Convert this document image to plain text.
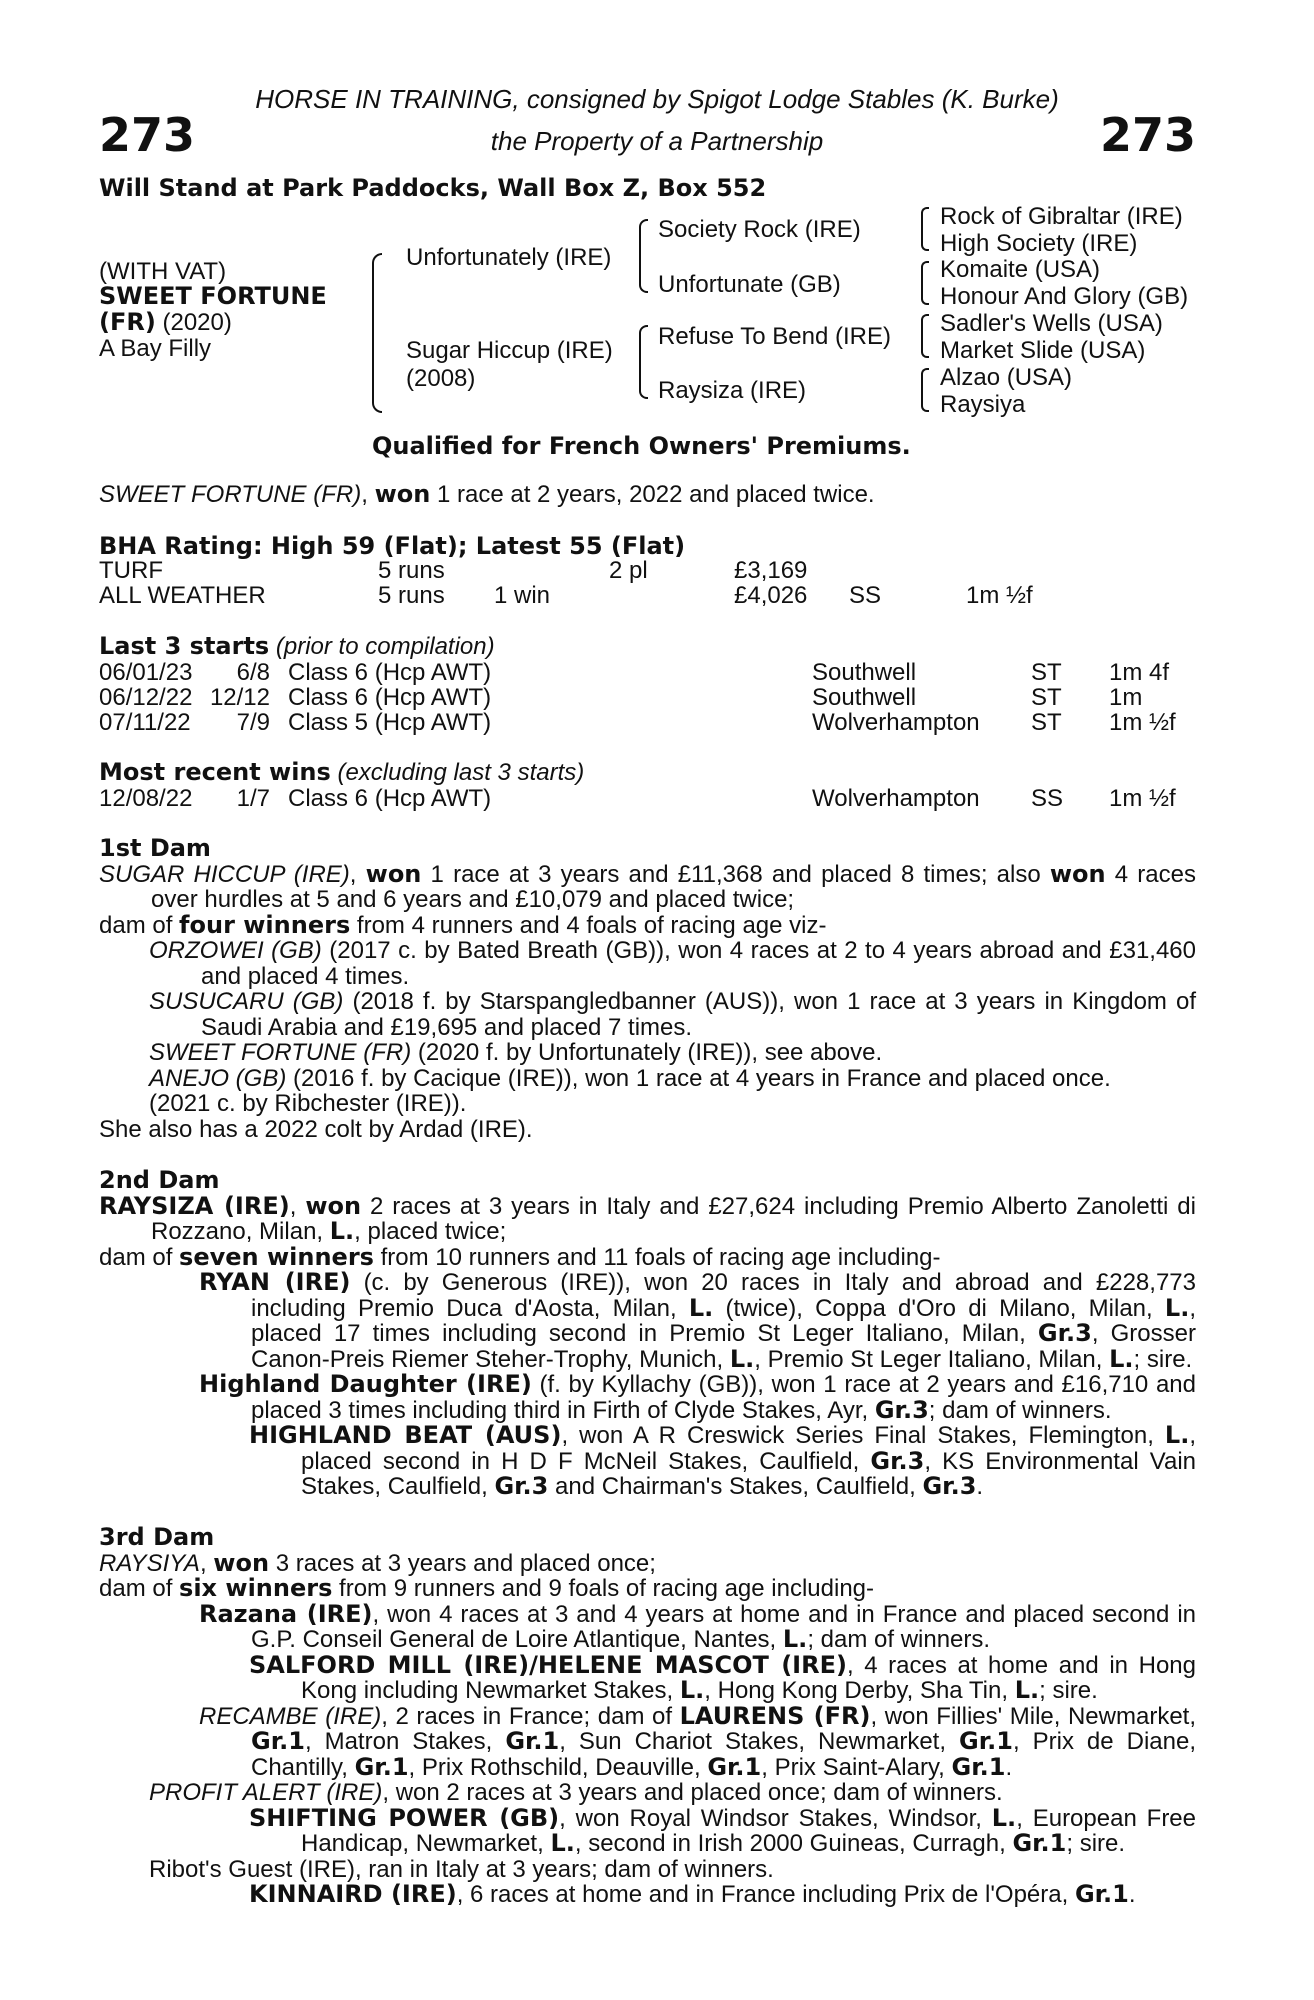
273	273
HORSE IN TRAINING, consigned by Spigot Lodge Stables (K. Burke)
the Property of a Partnership
Will Stand at Park Paddocks, Wall Box Z, Box 552
(WITH VAT)
SWEET FORTUNE
(FR) (2020)
A Bay Filly
Unfortunately (IRE)
Sugar Hiccup (IRE)
(2008)
Society Rock (IRE)
Unfortunate (GB)
Refuse To Bend (IRE)
Raysiza (IRE)
Rock of Gibraltar (IRE)
High Society (IRE)
Komaite (USA)
Honour And Glory (GB)
Sadler's Wells (USA)
Market Slide (USA)
Alzao (USA)
Raysiya
Qualified for French Owners' Premiums.
SWEET FORTUNE (FR), won 1 race at 2 years, 2022 and placed twice.
BHA Rating: High 59 (Flat); Latest 55 (Flat)
TURF	5 runs	2 pl	£3,169
ALL WEATHER	5 runs 1 win	£4,026 SS	1m ½f
Last 3 starts (prior to compilation)
06/01/23 6/8 Class 6 (Hcp AWT)	Southwell	ST 1m 4f
06/12/22 12/12 Class 6 (Hcp AWT)	Southwell	ST 1m
07/11/22 7/9 Class 5 (Hcp AWT)	Wolverhampton ST 1m ½f
Most recent wins (excluding last 3 starts)
12/08/22 1/7 Class 6 (Hcp AWT)	Wolverhampton SS 1m ½f

1st Dam

SUGAR HICCUP (IRE), won 1 race at 3 years and £11,368 and placed 8 times; also won 4 races over hurdles at 5 and 6 years and £10,079 and placed twice;

dam of four winners from 4 runners and 4 foals of racing age viz-

ORZOWEI (GB) (2017 c. by Bated Breath (GB)), won 4 races at 2 to 4 years abroad and £31,460 and placed 4 times.

SUSUCARU (GB) (2018 f. by Starspangledbanner (AUS)), won 1 race at 3 years in Kingdom of Saudi Arabia and £19,695 and placed 7 times.

SWEET FORTUNE (FR) (2020 f. by Unfortunately (IRE)), see above.

ANEJO (GB) (2016 f. by Cacique (IRE)), won 1 race at 4 years in France and placed once.

(2021 c. by Ribchester (IRE)).

She also has a 2022 colt by Ardad (IRE).

2nd Dam

RAYSIZA (IRE), won 2 races at 3 years in Italy and £27,624 including Premio Alberto Zanoletti di Rozzano, Milan, L., placed twice;

dam of seven winners from 10 runners and 11 foals of racing age including-

RYAN (IRE) (c. by Generous (IRE)), won 20 races in Italy and abroad and £228,773 including Premio Duca d'Aosta, Milan, L. (twice), Coppa d'Oro di Milano, Milan, L., placed 17 times including second in Premio St Leger Italiano, Milan, Gr.3, Grosser Canon-Preis Riemer Steher-Trophy, Munich, L., Premio St Leger Italiano, Milan, L.; sire.

Highland Daughter (IRE) (f. by Kyllachy (GB)), won 1 race at 2 years and £16,710 and placed 3 times including third in Firth of Clyde Stakes, Ayr, Gr.3; dam of winners.

HIGHLAND BEAT (AUS), won A R Creswick Series Final Stakes, Flemington, L., placed second in H D F McNeil Stakes, Caulfield, Gr.3, KS Environmental Vain Stakes, Caulfield, Gr.3 and Chairman's Stakes, Caulfield, Gr.3.

3rd Dam

RAYSIYA, won 3 races at 3 years and placed once;

dam of six winners from 9 runners and 9 foals of racing age including-

Razana (IRE), won 4 races at 3 and 4 years at home and in France and placed second in G.P. Conseil General de Loire Atlantique, Nantes, L.; dam of winners.

SALFORD MILL (IRE)/HELENE MASCOT (IRE), 4 races at home and in Hong Kong including Newmarket Stakes, L., Hong Kong Derby, Sha Tin, L.; sire.

RECAMBE (IRE), 2 races in France; dam of LAURENS (FR), won Fillies' Mile, Newmarket, Gr.1, Matron Stakes, Gr.1, Sun Chariot Stakes, Newmarket, Gr.1, Prix de Diane, Chantilly, Gr.1, Prix Rothschild, Deauville, Gr.1, Prix Saint-Alary, Gr.1.

PROFIT ALERT (IRE), won 2 races at 3 years and placed once; dam of winners.

SHIFTING POWER (GB), won Royal Windsor Stakes, Windsor, L., European Free Handicap, Newmarket, L., second in Irish 2000 Guineas, Curragh, Gr.1; sire.

Ribot's Guest (IRE), ran in Italy at 3 years; dam of winners.

KINNAIRD (IRE), 6 races at home and in France including Prix de l'Opéra, Gr.1.
